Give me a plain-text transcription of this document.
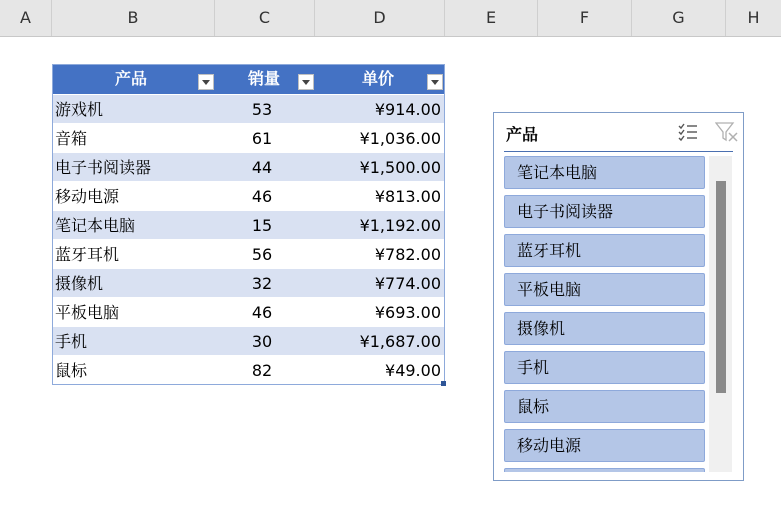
A	B	C	D	E	F	G	H
产品	销量	单价
游戏机	53	¥914.00
音箱	61	¥1,036.00
电子书阅读器	44	¥1,500.00
移动电源	46	¥813.00
笔记本电脑	15	¥1,192.00
蓝牙耳机	56	¥782.00
摄像机	32	¥774.00
平板电脑	46	¥693.00
手机	30	¥1,687.00
鼠标	82	¥49.00
产品
笔记本电脑
电子书阅读器
蓝牙耳机
平板电脑
摄像机
手机
鼠标
移动电源
